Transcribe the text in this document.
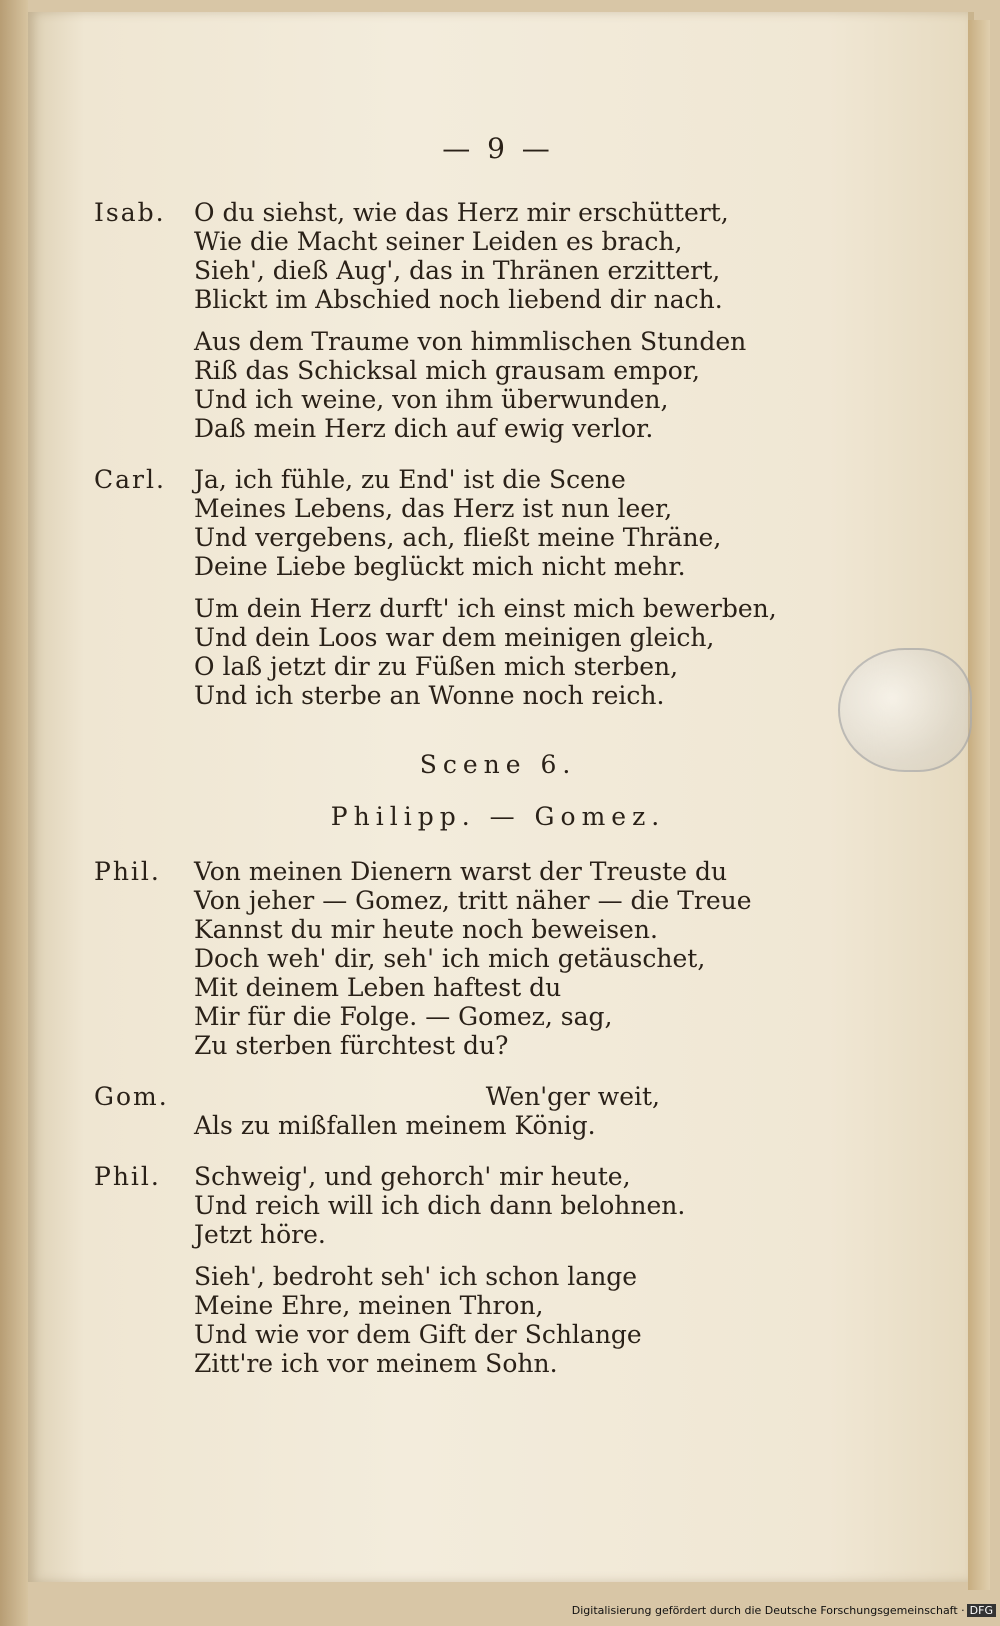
— 9 —
Isab. O du siehst, wie das Herz mir erschüttert,
Wie die Macht seiner Leiden es brach,
Sieh', dieß Aug', das in Thränen erzittert,
Blickt im Abschied noch liebend dir nach.
Aus dem Traume von himmlischen Stunden
Riß das Schicksal mich grausam empor,
Und ich weine, von ihm überwunden,
Daß mein Herz dich auf ewig verlor.
Carl. Ja, ich fühle, zu End' ist die Scene
Meines Lebens, das Herz ist nun leer,
Und vergebens, ach, fließt meine Thräne,
Deine Liebe beglückt mich nicht mehr.
Um dein Herz durft' ich einst mich bewerben,
Und dein Loos war dem meinigen gleich,
O laß jetzt dir zu Füßen mich sterben,
Und ich sterbe an Wonne noch reich.
Scene 6.
Philipp. — Gomez.
Phil. Von meinen Dienern warst der Treuste du
Von jeher — Gomez, tritt näher — die Treue
Kannst du mir heute noch beweisen.
Doch weh' dir, seh' ich mich getäuschet,
Mit deinem Leben haftest du
Mir für die Folge. — Gomez, sag,
Zu sterben fürchtest du?
Gom.	Wen'ger weit,
Als zu mißfallen meinem König.
Phil. Schweig', und gehorch' mir heute,
Und reich will ich dich dann belohnen.
Jetzt höre.
Sieh', bedroht seh' ich schon lange
Meine Ehre, meinen Thron,
Und wie vor dem Gift der Schlange
Zitt're ich vor meinem Sohn.
Digitalisierung gefördert durch die Deutsche Forschungsgemeinschaft · DFG
